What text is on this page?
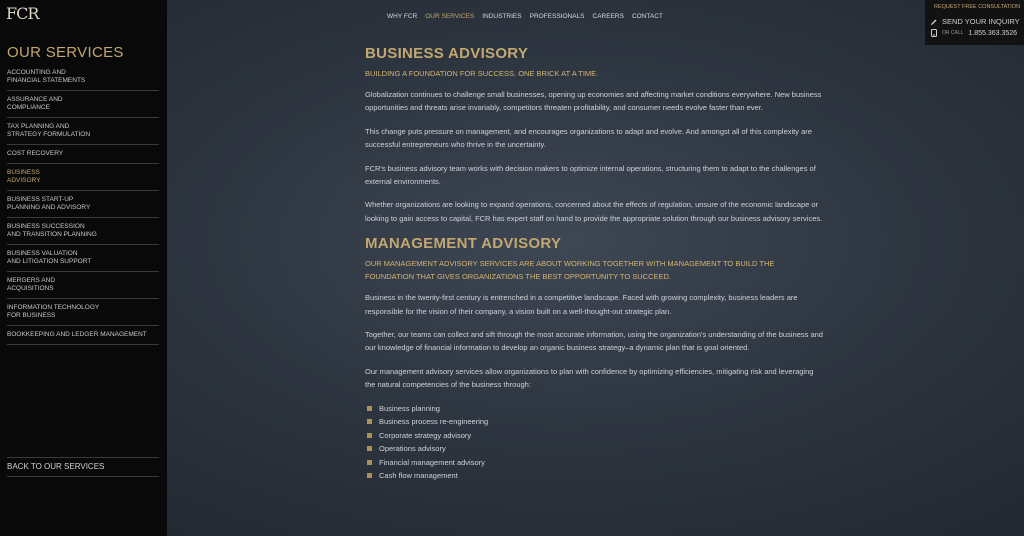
FCR
OUR SERVICES
ACCOUNTING AND
FINANCIAL STATEMENTS
ASSURANCE AND
COMPLIANCE
TAX PLANNING AND
STRATEGY FORMULATION
COST RECOVERY
BUSINESS
ADVISORY
BUSINESS START-UP
PLANNING AND ADVISORY
BUSINESS SUCCESSION
AND TRANSITION PLANNING
BUSINESS VALUATION
AND LITIGATION SUPPORT
MERGERS AND
ACQUISITIONS
INFORMATION TECHNOLOGY
FOR BUSINESS
BOOKKEEPING AND LEDGER MANAGEMENT
BACK TO OUR SERVICES
WHY FCR OUR SERVICES INDUSTRIES PROFESSIONALS CAREERS CONTACT
REQUEST FREE CONSULTATION
SEND YOUR INQUIRY
OR CALL 1.855.363.3526
BUSINESS ADVISORY
BUILDING A FOUNDATION FOR SUCCESS. ONE BRICK AT A TIME.

Globalization continues to challenge small businesses, opening up economies and affecting market conditions everywhere. New business opportunities and threats arise invariably, competitors threaten profitability, and consumer needs evolve faster than ever.

This change puts pressure on management, and encourages organizations to adapt and evolve. And amongst all of this complexity are successful entrepreneurs who thrive in the uncertainty.

FCR's business advisory team works with decision makers to optimize internal operations, structuring them to adapt to the challenges of external environments.

Whether organizations are looking to expand operations, concerned about the effects of regulation, unsure of the economic landscape or looking to gain access to capital, FCR has expert staff on hand to provide the appropriate solution through our business advisory services.

MANAGEMENT ADVISORY
OUR MANAGEMENT ADVISORY SERVICES ARE ABOUT WORKING TOGETHER WITH MANAGEMENT TO BUILD THE FOUNDATION THAT GIVES ORGANIZATIONS THE BEST OPPORTUNITY TO SUCCEED.

Business in the twenty-first century is entrenched in a competitive landscape. Faced with growing complexity, business leaders are responsible for the vision of their company, a vision built on a well-thought-out strategic plan.

Together, our teams can collect and sift through the most accurate information, using the organization's understanding of the business and our knowledge of financial information to develop an organic business strategy–a dynamic plan that is goal oriented.

Our management advisory services allow organizations to plan with confidence by optimizing efficiencies, mitigating risk and leveraging the natural competencies of the business through:

Business planning
Business process re-engineering
Corporate strategy advisory
Operations advisory
Financial management advisory
Cash flow management
